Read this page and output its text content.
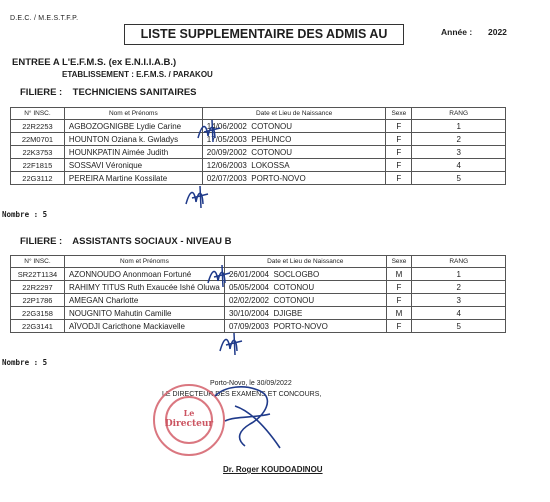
D.E.C. / M.E.S.T.F.P.
LISTE SUPPLEMENTAIRE DES ADMIS AU	Année : 2022
ENTREE A L'E.F.M.S. (ex E.N.I.I.A.B.)
ETABLISSEMENT : E.F.M.S. / PARAKOU
FILIERE : TECHNICIENS SANITAIRES
N° INSC.	Nom et Prénoms	Date et Lieu de Naissance	Sexe	RANG
22R2253	AGBOZOGNIGBE Lydie Carine	14/06/2002 COTONOU	F	1
22M0701	HOUNTON Oziana k. Gwladys	17/05/2003 PEHUNCO	F	2
22K3753	HOUNKPATIN Aimée Judith	20/09/2002 COTONOU	F	3
22F1815	SOSSAVI Véronique	12/06/2003 LOKOSSA	F	4
22G3112	PEREIRA Martine Kossilate	02/07/2003 PORTO-NOVO	F	5
Nombre : 5
FILIERE : ASSISTANTS SOCIAUX - NIVEAU B
N° INSC.	Nom et Prénoms	Date et Lieu de Naissance	Sexe	RANG
SR22T1134	AZONNOUDO Anonmoan Fortuné	26/01/2004 SOCLOGBO	M	1
22R2297	RAHIMY TITUS Ruth Exaucée Ishé Oluwa	05/05/2004 COTONOU	F	2
22P1786	AMEGAN Charlotte	02/02/2002 COTONOU	F	3
22G3158	NOUGNITO Mahutin Camille	30/10/2004 DJIGBE	M	4
22G3141	AÏVODJI Caricthone Mackiavelle	07/09/2003 PORTO-NOVO	F	5
Nombre : 5
Porto-Novo, le 30/09/2022
LE DIRECTEUR DES EXAMENS ET CONCOURS,
Le
Directeur
Dr. Roger KOUDOADINOU
